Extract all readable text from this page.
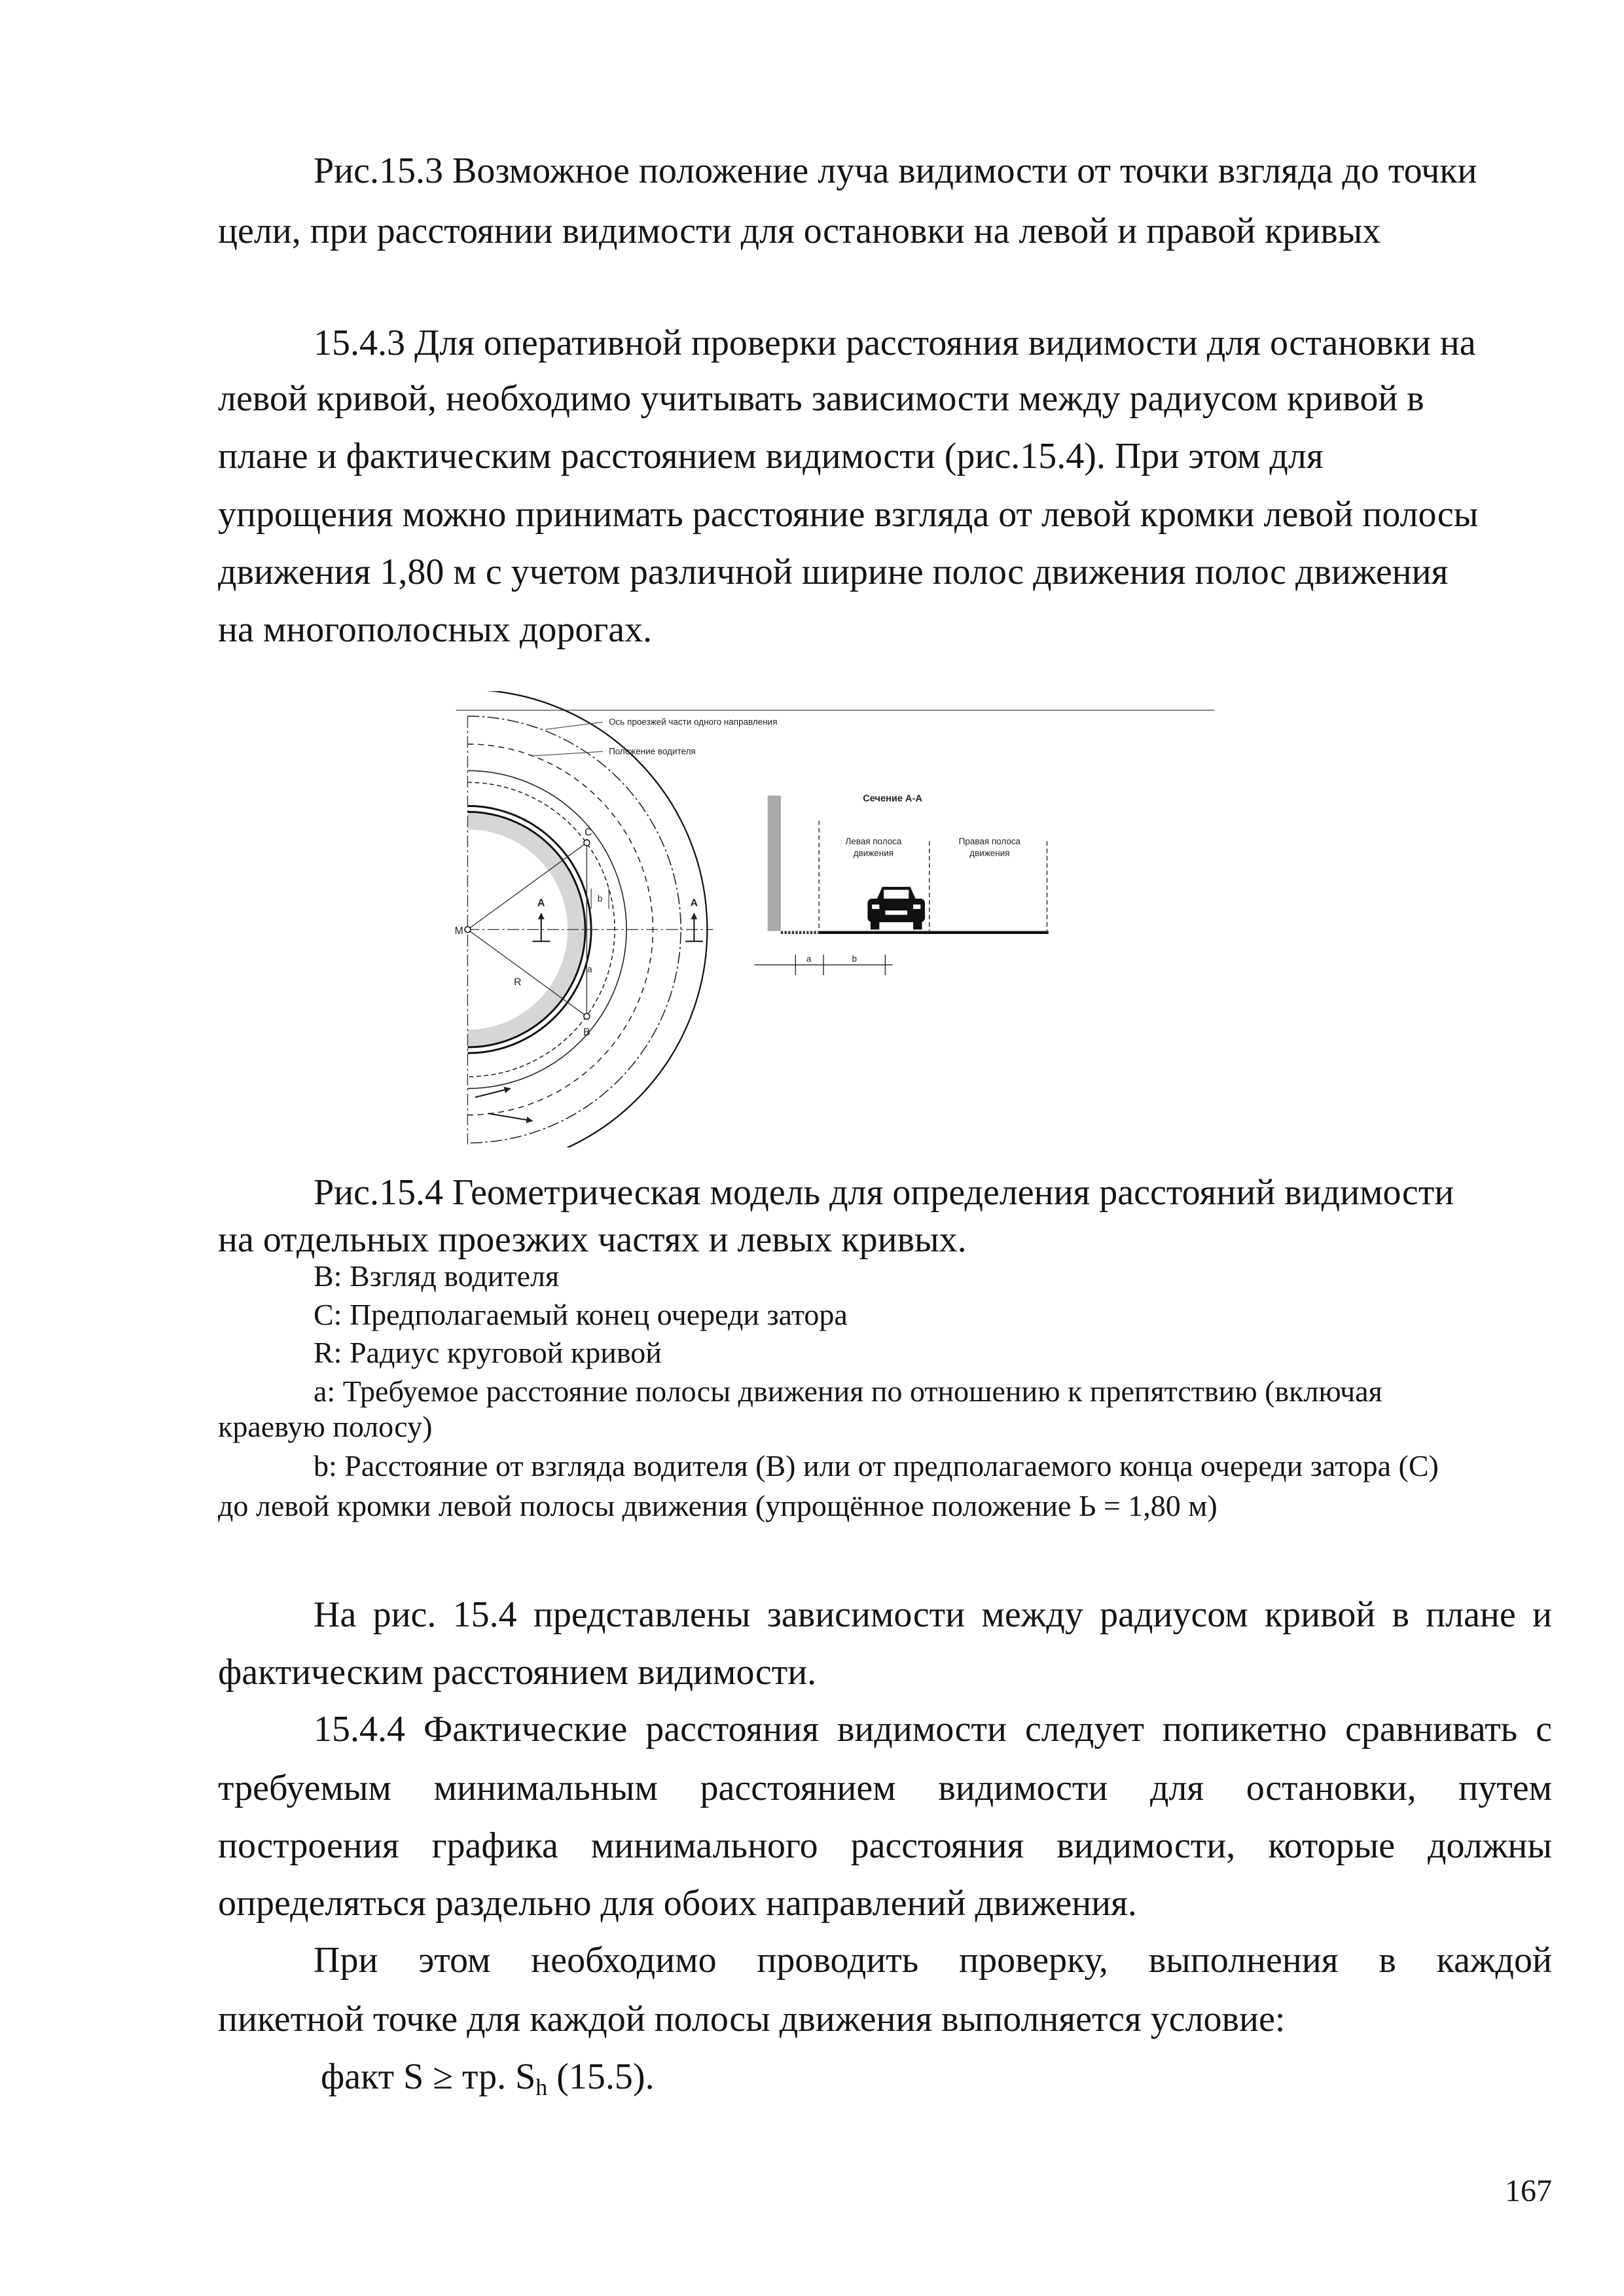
Рис.15.3 Возможное положение луча видимости от точки взгляда до точки
цели, при расстоянии видимости для остановки на левой и правой кривых
15.4.3 Для оперативной проверки расстояния видимости для остановки на
левой кривой, необходимо учитывать зависимости между радиусом кривой в
плане и фактическим расстоянием видимости (рис.15.4). При этом для
упрощения можно принимать расстояние взгляда от левой кромки левой полосы
движения 1,80 м с учетом различной ширине полос движения полос движения
на многополосных дорогах.
M
C
B
R
b
a
A	A
Ось проезжей части одного направления
Положение водителя
Сечение А-А
Левая полоса
движения
Правая полоса
движения
a	b
Рис.15.4 Геометрическая модель для определения расстояний видимости
на отдельных проезжих частях и левых кривых.
B: Взгляд водителя
C: Предполагаемый конец очереди затора
R: Радиус круговой кривой
a: Требуемое расстояние полосы движения по отношению к препятствию (включая
краевую полосу)
b: Расстояние от взгляда водителя (B) или от предполагаемого конца очереди затора (C)
до левой кромки левой полосы движения (упрощённое положение Ь = 1,80 м)
На рис. 15.4 представлены зависимости между радиусом кривой в плане и
фактическим расстоянием видимости.
15.4.4 Фактические расстояния видимости следует попикетно сравнивать с
требуемым минимальным расстоянием видимости для остановки, путем
построения графика минимального расстояния видимости, которые должны
определяться раздельно для обоих направлений движения.
При этом необходимо проводить проверку, выполнения в каждой
пикетной точке для каждой полосы движения выполняется условие:
факт S ≥ тр. $S_h$ (15.5).
167
